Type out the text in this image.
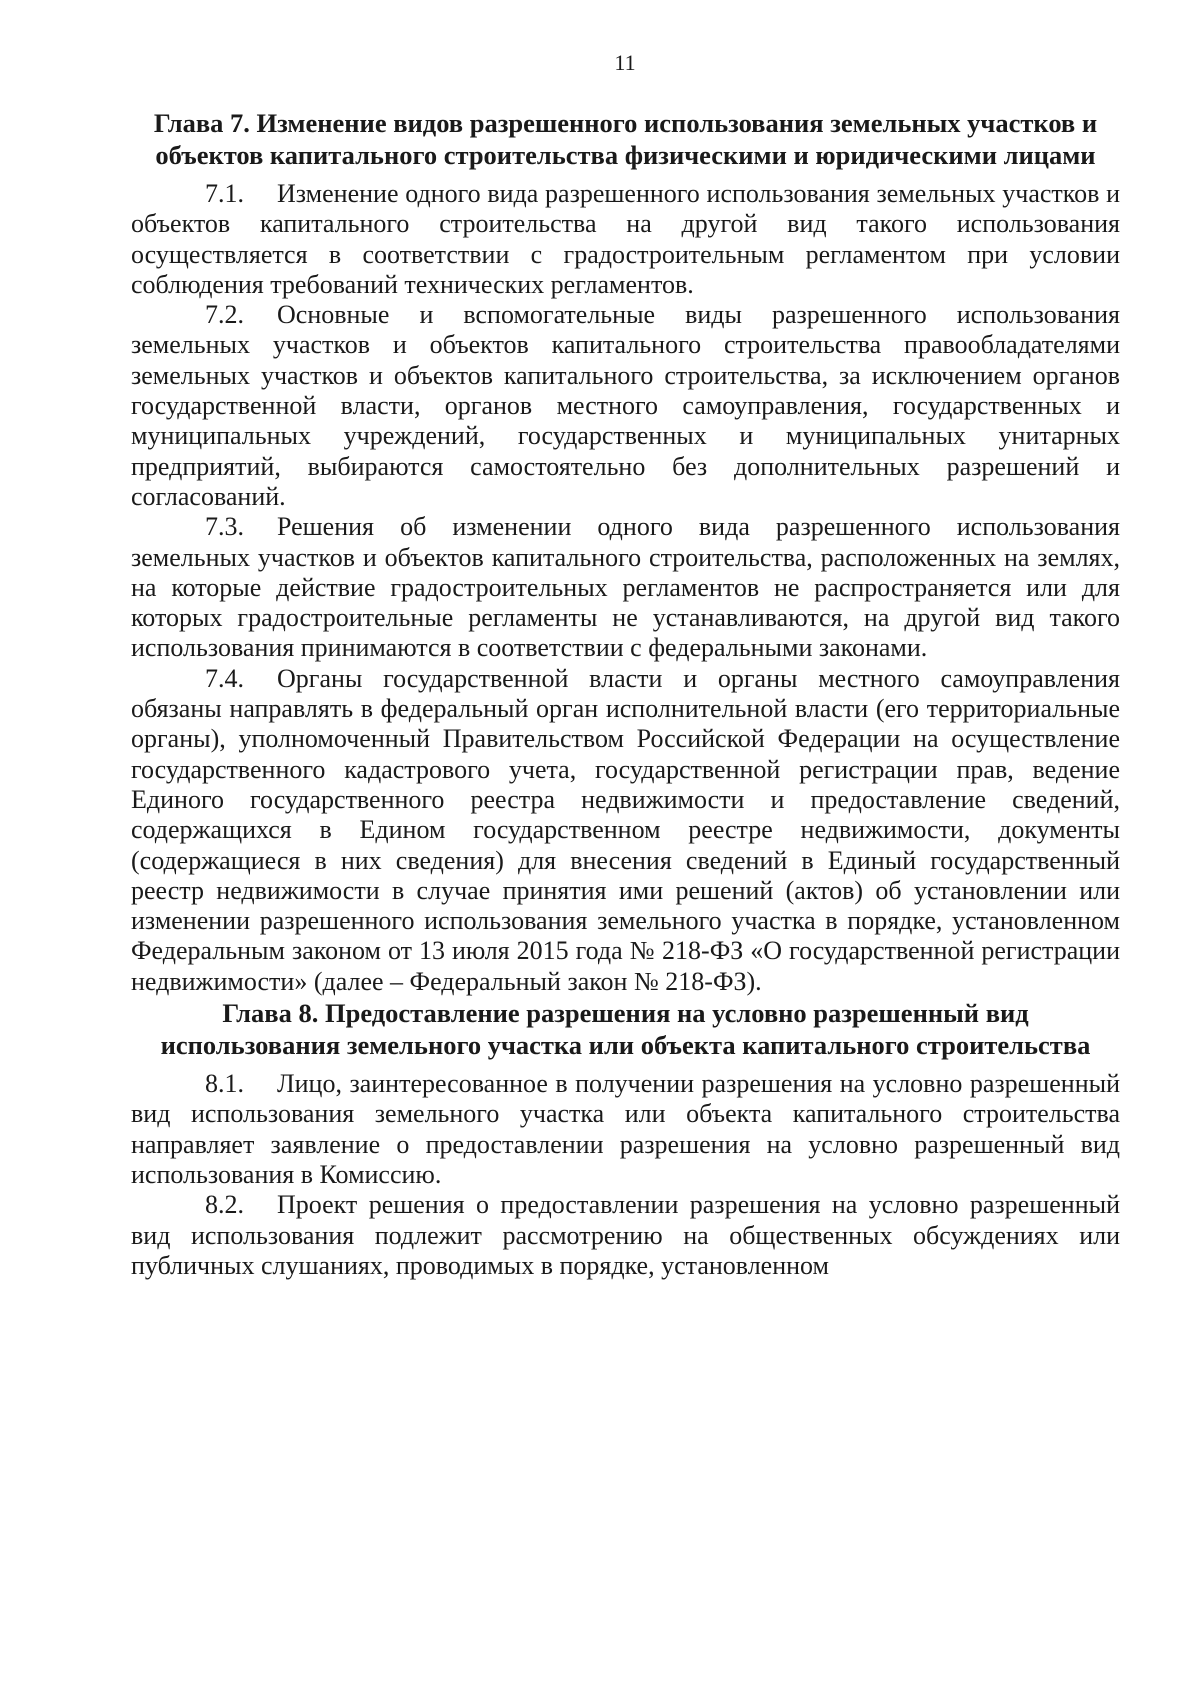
11
Глава 7. Изменение видов разрешенного использования земельных участков и объектов капитального строительства физическими и юридическими лицами

7.1. Изменение одного вида разрешенного использования земельных участков и объектов капитального строительства на другой вид такого использования осуществляется в соответствии с градостроительным регламентом при условии соблюдения требований технических регламентов.

7.2. Основные и вспомогательные виды разрешенного использования земельных участков и объектов капитального строительства правообладателями земельных участков и объектов капитального строительства, за исключением органов государственной власти, органов местного самоуправления, государственных и муниципальных учреждений, государственных и муниципальных унитарных предприятий, выбираются самостоятельно без дополнительных разрешений и согласований.

7.3. Решения об изменении одного вида разрешенного использования земельных участков и объектов капитального строительства, расположенных на землях, на которые действие градостроительных регламентов не распространяется или для которых градостроительные регламенты не устанавливаются, на другой вид такого использования принимаются в соответствии с федеральными законами.

7.4. Органы государственной власти и органы местного самоуправления обязаны направлять в федеральный орган исполнительной власти (его территориальные органы), уполномоченный Правительством Российской Федерации на осуществление государственного кадастрового учета, государственной регистрации прав, ведение Единого государственного реестра недвижимости и предоставление сведений, содержащихся в Едином государственном реестре недвижимости, документы (содержащиеся в них сведения) для внесения сведений в Единый государственный реестр недвижимости в случае принятия ими решений (актов) об установлении или изменении разрешенного использования земельного участка в порядке, установленном Федеральным законом от 13 июля 2015 года № 218-ФЗ «О государственной регистрации недвижимости» (далее – Федеральный закон № 218-ФЗ).

Глава 8. Предоставление разрешения на условно разрешенный вид использования земельного участка или объекта капитального строительства

8.1. Лицо, заинтересованное в получении разрешения на условно разрешенный вид использования земельного участка или объекта капитального строительства направляет заявление о предоставлении разрешения на условно разрешенный вид использования в Комиссию.

8.2. Проект решения о предоставлении разрешения на условно разрешенный вид использования подлежит рассмотрению на общественных обсуждениях или публичных слушаниях, проводимых в порядке, установленном
